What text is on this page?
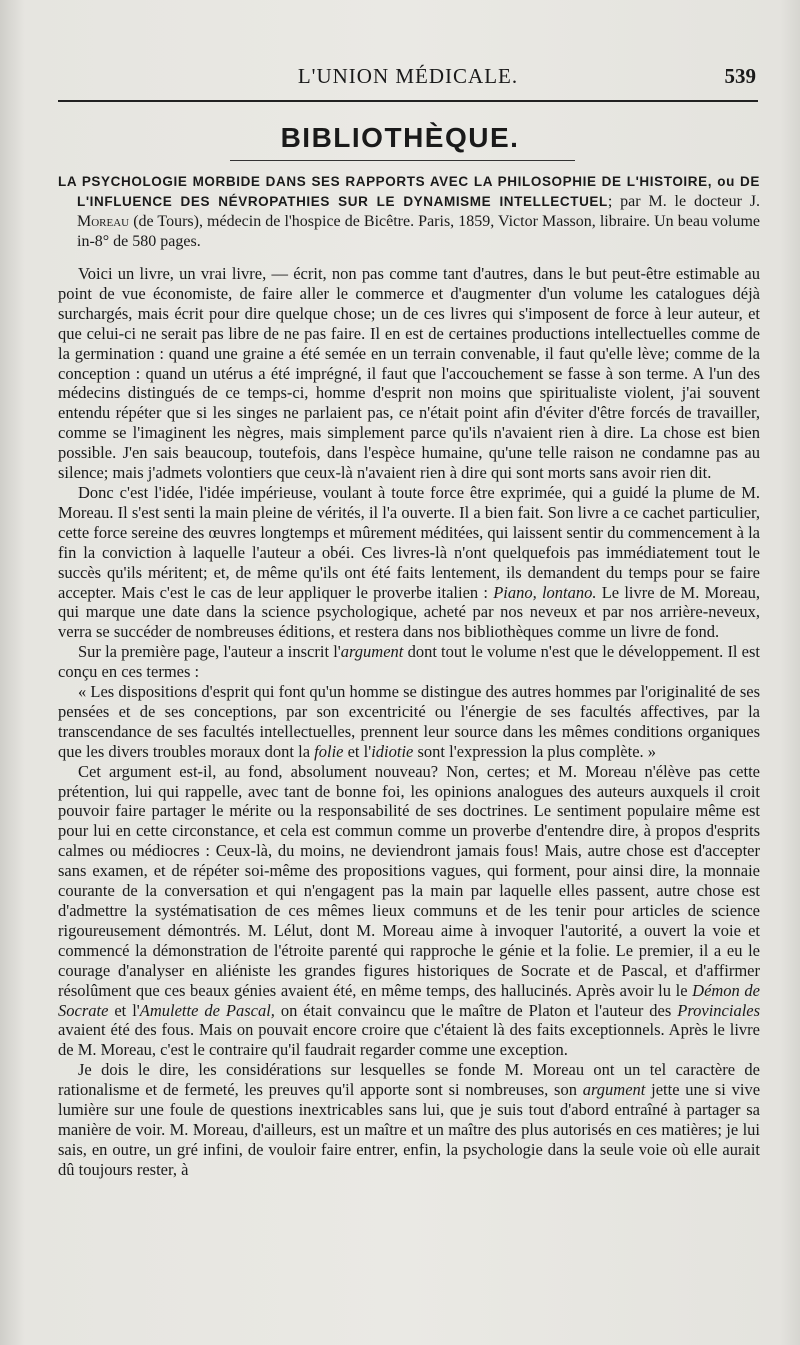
L'UNION MÉDICALE.	539
BIBLIOTHÈQUE.
LA PSYCHOLOGIE MORBIDE DANS SES RAPPORTS AVEC LA PHILOSOPHIE DE L'HISTOIRE, ou DE L'INFLUENCE DES NÉVROPATHIES SUR LE DYNAMISME INTELLECTUEL; par M. le docteur J. Moreau (de Tours), médecin de l'hospice de Bicêtre. Paris, 1859, Victor Masson, libraire. Un beau volume in-8° de 580 pages.

Voici un livre, un vrai livre, — écrit, non pas comme tant d'autres, dans le but peut-être estimable au point de vue économiste, de faire aller le commerce et d'augmenter d'un volume les catalogues déjà surchargés, mais écrit pour dire quelque chose; un de ces livres qui s'imposent de force à leur auteur, et que celui-ci ne serait pas libre de ne pas faire. Il en est de certaines productions intellectuelles comme de la germination : quand une graine a été semée en un terrain convenable, il faut qu'elle lève; comme de la conception : quand un utérus a été imprégné, il faut que l'accouchement se fasse à son terme. A l'un des médecins distingués de ce temps-ci, homme d'esprit non moins que spiritualiste violent, j'ai souvent entendu répéter que si les singes ne parlaient pas, ce n'était point afin d'éviter d'être forcés de travailler, comme se l'imaginent les nègres, mais simplement parce qu'ils n'avaient rien à dire. La chose est bien possible. J'en sais beaucoup, toutefois, dans l'espèce humaine, qu'une telle raison ne condamne pas au silence; mais j'admets volontiers que ceux-là n'avaient rien à dire qui sont morts sans avoir rien dit.

Donc c'est l'idée, l'idée impérieuse, voulant à toute force être exprimée, qui a guidé la plume de M. Moreau. Il s'est senti la main pleine de vérités, il l'a ouverte. Il a bien fait. Son livre a ce cachet particulier, cette force sereine des œuvres longtemps et mûrement méditées, qui laissent sentir du commencement à la fin la conviction à laquelle l'auteur a obéi. Ces livres-là n'ont quelquefois pas immédiatement tout le succès qu'ils méritent; et, de même qu'ils ont été faits lentement, ils demandent du temps pour se faire accepter. Mais c'est le cas de leur appliquer le proverbe italien : Piano, lontano. Le livre de M. Moreau, qui marque une date dans la science psychologique, acheté par nos neveux et par nos arrière-neveux, verra se succéder de nombreuses éditions, et restera dans nos bibliothèques comme un livre de fond.

Sur la première page, l'auteur a inscrit l'argument dont tout le volume n'est que le développement. Il est conçu en ces termes :

« Les dispositions d'esprit qui font qu'un homme se distingue des autres hommes par l'originalité de ses pensées et de ses conceptions, par son excentricité ou l'énergie de ses facultés affectives, par la transcendance de ses facultés intellectuelles, prennent leur source dans les mêmes conditions organiques que les divers troubles moraux dont la folie et l'idiotie sont l'expression la plus complète. »

Cet argument est-il, au fond, absolument nouveau? Non, certes; et M. Moreau n'élève pas cette prétention, lui qui rappelle, avec tant de bonne foi, les opinions analogues des auteurs auxquels il croit pouvoir faire partager le mérite ou la responsabilité de ses doctrines. Le sentiment populaire même est pour lui en cette circonstance, et cela est commun comme un proverbe d'entendre dire, à propos d'esprits calmes ou médiocres : Ceux-là, du moins, ne deviendront jamais fous! Mais, autre chose est d'accepter sans examen, et de répéter soi-même des propositions vagues, qui forment, pour ainsi dire, la monnaie courante de la conversation et qui n'engagent pas la main par laquelle elles passent, autre chose est d'admettre la systématisation de ces mêmes lieux communs et de les tenir pour articles de science rigoureusement démontrés. M. Lélut, dont M. Moreau aime à invoquer l'autorité, a ouvert la voie et commencé la démonstration de l'étroite parenté qui rapproche le génie et la folie. Le premier, il a eu le courage d'analyser en aliéniste les grandes figures historiques de Socrate et de Pascal, et d'affirmer résolûment que ces beaux génies avaient été, en même temps, des hallucinés. Après avoir lu le Démon de Socrate et l'Amulette de Pascal, on était convaincu que le maître de Platon et l'auteur des Provinciales avaient été des fous. Mais on pouvait encore croire que c'étaient là des faits exceptionnels. Après le livre de M. Moreau, c'est le contraire qu'il faudrait regarder comme une exception.

Je dois le dire, les considérations sur lesquelles se fonde M. Moreau ont un tel caractère de rationalisme et de fermeté, les preuves qu'il apporte sont si nombreuses, son argument jette une si vive lumière sur une foule de questions inextricables sans lui, que je suis tout d'abord entraîné à partager sa manière de voir. M. Moreau, d'ailleurs, est un maître et un maître des plus autorisés en ces matières; je lui sais, en outre, un gré infini, de vouloir faire entrer, enfin, la psychologie dans la seule voie où elle aurait dû toujours rester, à
